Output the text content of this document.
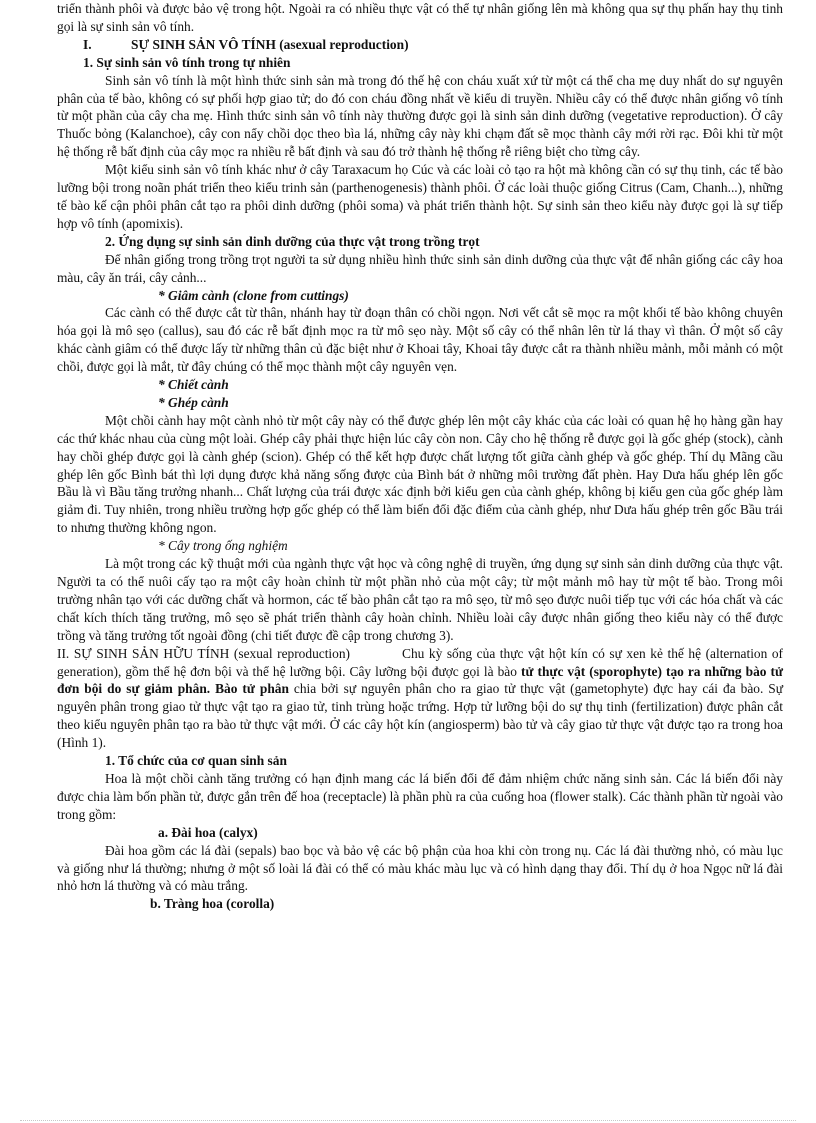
triển thành phôi và được bảo vệ trong hột. Ngoài ra có nhiều thực vật có thể tự nhân giống lên mà không qua sự thụ phấn hay thụ tinh gọi là sự sinh sản vô tính.

I.	SỰ SINH SẢN VÔ TÍNH (asexual reproduction)

1. Sự sinh sản vô tính trong tự nhiên

Sinh sản vô tính là một hình thức sinh sản mà trong đó thế hệ con cháu xuất xứ từ một cá thể cha mẹ duy nhất do sự nguyên phân của tế bào, không có sự phối hợp giao tử; do đó con cháu đồng nhất về kiểu di truyền. Nhiều cây có thể được nhân giống vô tính từ một phần của cây cha mẹ. Hình thức sinh sản vô tính này thường được gọi là sinh sản dinh dưỡng (vegetative reproduction). Ở cây Thuốc bỏng (Kalanchoe), cây con nẩy chồi dọc theo bìa lá, những cây này khi chạm đất sẽ mọc thành cây mới rời rạc. Đôi khi từ một hệ thống rễ bất định của cây mọc ra nhiều rễ bất định và sau đó trở thành hệ thống rễ riêng biệt cho từng cây.

Một kiểu sinh sản vô tính khác như ở cây Taraxacum họ Cúc và các loài cỏ tạo ra hột mà không cần có sự thụ tinh, các tế bào lưỡng bội trong noãn phát triển theo kiểu trinh sản (parthenogenesis) thành phôi. Ở các loài thuộc giống Citrus (Cam, Chanh...), những tế bào kế cận phôi phân cắt tạo ra phôi dinh dưỡng (phôi soma) và phát triển thành hột. Sự sinh sản theo kiểu này được gọi là sự tiếp hợp vô tính (apomixis).

2. Ứng dụng sự sinh sản dinh dưỡng của thực vật trong trồng trọt

Để nhân giống trong trồng trọt người ta sử dụng nhiều hình thức sinh sản dinh dưỡng của thực vật để nhân giống các cây hoa màu, cây ăn trái, cây cảnh...

* Giâm cành (clone from cuttings)

Các cành có thể được cắt từ thân, nhánh hay từ đoạn thân có chồi ngọn. Nơi vết cắt sẽ mọc ra một khối tế bào không chuyên hóa gọi là mô sẹo (callus), sau đó các rễ bất định mọc ra từ mô sẹo này. Một số cây có thể nhân lên từ lá thay vì thân. Ở một số cây khác cành giâm có thể được lấy từ những thân củ đặc biệt như ở Khoai tây, Khoai tây được cắt ra thành nhiều mảnh, mỗi mảnh có một chồi, được gọi là mắt, từ đây chúng có thể mọc thành một cây nguyên vẹn.

* Chiết cành

* Ghép cành

Một chồi cành hay một cành nhỏ từ một cây này có thể được ghép lên một cây khác của các loài có quan hệ họ hàng gần hay các thứ khác nhau của cùng một loài. Ghép cây phải thực hiện lúc cây còn non. Cây cho hệ thống rễ được gọi là gốc ghép (stock), cành hay chồi ghép được gọi là cành ghép (scion). Ghép có thể kết hợp được chất lượng tốt giữa cành ghép và gốc ghép. Thí dụ Mãng cầu ghép lên gốc Bình bát thì lợi dụng được khả năng sống được của Bình bát ở những môi trường đất phèn. Hay Dưa hấu ghép lên gốc Bầu là vì Bầu tăng trưởng nhanh... Chất lượng của trái được xác định bởi kiểu gen của cành ghép, không bị kiểu gen của gốc ghép làm giảm đi. Tuy nhiên, trong nhiều trường hợp gốc ghép có thể làm biến đổi đặc điểm của cành ghép, như Dưa hấu ghép trên gốc Bầu trái to nhưng thường không ngon.

* Cây trong ống nghiệm

Là một trong các kỹ thuật mới của ngành thực vật học và công nghệ di truyền, ứng dụng sự sinh sản dinh dưỡng của thực vật. Người ta có thể nuôi cấy tạo ra một cây hoàn chỉnh từ một phần nhỏ của một cây; từ một mảnh mô hay từ một tế bào. Trong môi trường nhân tạo với các dưỡng chất và hormon, các tế bào phân cắt tạo ra mô sẹo, từ mô sẹo được nuôi tiếp tục với các hóa chất và các chất kích thích tăng trưởng, mô sẹo sẽ phát triển thành cây hoàn chỉnh. Nhiều loài cây được nhân giống theo kiểu này có thể được trồng và tăng trưởng tốt ngoài đồng (chi tiết được đề cập trong chương 3).

II. SỰ SINH SẢN HỮU TÍNH (sexual reproduction)	Chu kỳ sống của thực vật hột kín có sự xen kẻ thế hệ (alternation of generation), gồm thể hệ đơn bội và thể hệ lưỡng bội. Cây lưỡng bội được gọi là bào tử thực vật (sporophyte) tạo ra những bào tử đơn bội do sự giảm phân. Bào tử phân chia bởi sự nguyên phân cho ra giao tử thực vật (gametophyte) đực hay cái đa bào. Sự nguyên phân trong giao tử thực vật tạo ra giao tử, tinh trùng hoặc trứng. Hợp tử lưỡng bội do sự thụ tinh (fertilization) được phân cắt theo kiểu nguyên phân tạo ra bào tử thực vật mới. Ở các cây hột kín (angiosperm) bào tử và cây giao tử thực vật được tạo ra trong hoa (Hình 1).

1. Tổ chức của cơ quan sinh sản

Hoa là một chồi cành tăng trưởng có hạn định mang các lá biến đổi để đảm nhiệm chức năng sinh sản. Các lá biến đổi này được chia làm bốn phần tử, được gắn trên đế hoa (receptacle) là phần phù ra của cuống hoa (flower stalk). Các thành phần từ ngoài vào trong gồm:

a. Đài hoa (calyx)

Đài hoa gồm các lá đài (sepals) bao bọc và bảo vệ các bộ phận của hoa khi còn trong nụ. Các lá đài thường nhỏ, có màu lục và giống như lá thường; nhưng ở một số loài lá đài có thể có màu khác màu lục và có hình dạng thay đổi. Thí dụ ở hoa Ngọc nữ lá đài nhỏ hơn lá thường và có màu trắng.

b. Tràng hoa (corolla)
